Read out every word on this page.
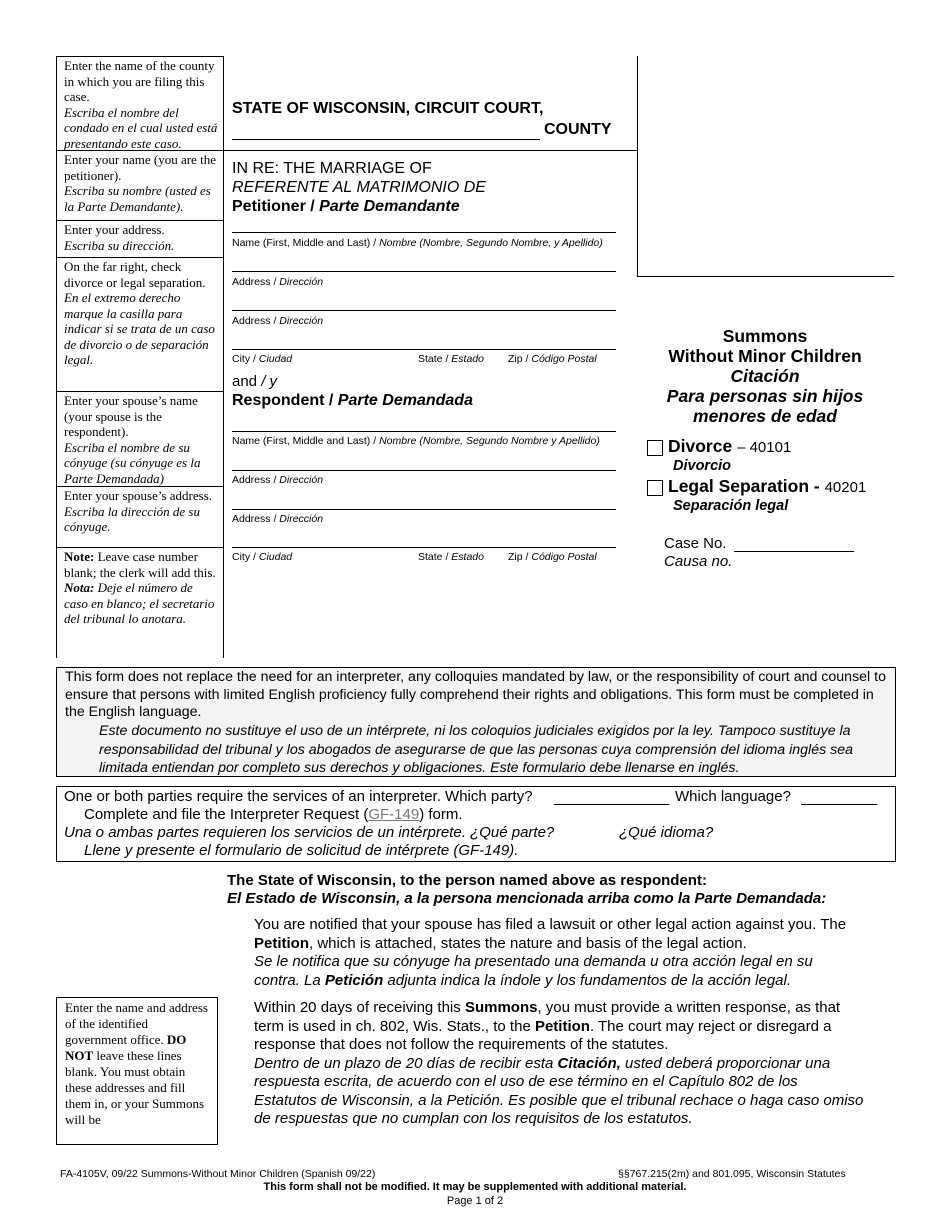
Enter the name of the county in which you are filing this case.
Escriba el nombre del condado en el cual usted está presentando este caso.
Enter your name (you are the petitioner).
Escriba su nombre (usted es la Parte Demandante).
Enter your address.
Escriba su dirección.
On the far right, check divorce or legal separation.
En el extremo derecho marque la casilla para indicar si se trata de un caso de divorcio o de separación legal.
Enter your spouse’s name (your spouse is the respondent).
Escriba el nombre de su cónyuge (su cónyuge es la Parte Demandada)
Enter your spouse’s address.
Escriba la dirección de su cónyuge.
Note: Leave case number blank; the clerk will add this.
Nota: Deje el número de caso en blanco; el secretario del tribunal lo anotara.
STATE OF WISCONSIN, CIRCUIT COURT,
COUNTY
IN RE: THE MARRIAGE OF
REFERENTE AL MATRIMONIO DE
Petitioner / Parte Demandante
Name (First, Middle and Last) / Nombre (Nombre, Segundo Nombre, y Apellido)
Address / Dirección
Address / Dirección
City / Ciudad	State / Estado Zip / Código Postal
and / y
Respondent / Parte Demandada
Name (First, Middle and Last) / Nombre (Nombre, Segundo Nombre y Apellido)
Address / Dirección
Address / Dirección
City / Ciudad	State / Estado Zip / Código Postal
Summons
Without Minor Children
Citación
Para personas sin hijos
menores de edad
Divorce – 40101
Divorcio
Legal Separation - 40201
Separación legal
Case No.
Causa no.
This form does not replace the need for an interpreter, any colloquies mandated by law, or the responsibility of court and counsel to ensure that persons with limited English proficiency fully comprehend their rights and obligations. This form must be completed in the English language.
Este documento no sustituye el uso de un intérprete, ni los coloquios judiciales exigidos por la ley. Tampoco sustituye la responsabilidad del tribunal y los abogados de asegurarse de que las personas cuya comprensión del idioma inglés sea limitada entiendan por completo sus derechos y obligaciones. Este formulario debe llenarse en inglés.
One or both parties require the services of an interpreter. Which party?	Which language?
Complete and file the Interpreter Request (GF-149) form.
Una o ambas partes requieren los servicios de un intérprete. ¿Qué parte?	¿Qué idioma?
Llene y presente el formulario de solicitud de intérprete (GF-149).
The State of Wisconsin, to the person named above as respondent:
El Estado de Wisconsin, a la persona mencionada arriba como la Parte Demandada:
You are notified that your spouse has filed a lawsuit or other legal action against you. The Petition, which is attached, states the nature and basis of the legal action.
Se le notifica que su cónyuge ha presentado una demanda u otra acción legal en su contra. La Petición adjunta indica la índole y los fundamentos de la acción legal.
Within 20 days of receiving this Summons, you must provide a written response, as that term is used in ch. 802, Wis. Stats., to the Petition. The court may reject or disregard a response that does not follow the requirements of the statutes.
Dentro de un plazo de 20 días de recibir esta Citación, usted deberá proporcionar una respuesta escrita, de acuerdo con el uso de ese término en el Capítulo 802 de los Estatutos de Wisconsin, a la Petición. Es posible que el tribunal rechace o haga caso omiso de respuestas que no cumplan con los requisitos de los estatutos.
Enter the name and address of the identified government office. DO NOT leave these lines blank. You must obtain these addresses and fill them in, or your Summons will be
FA-4105V, 09/22 Summons-Without Minor Children (Spanish 09/22)	§§767.215(2m) and 801.095, Wisconsin Statutes
This form shall not be modified. It may be supplemented with additional material.
Page 1 of 2
